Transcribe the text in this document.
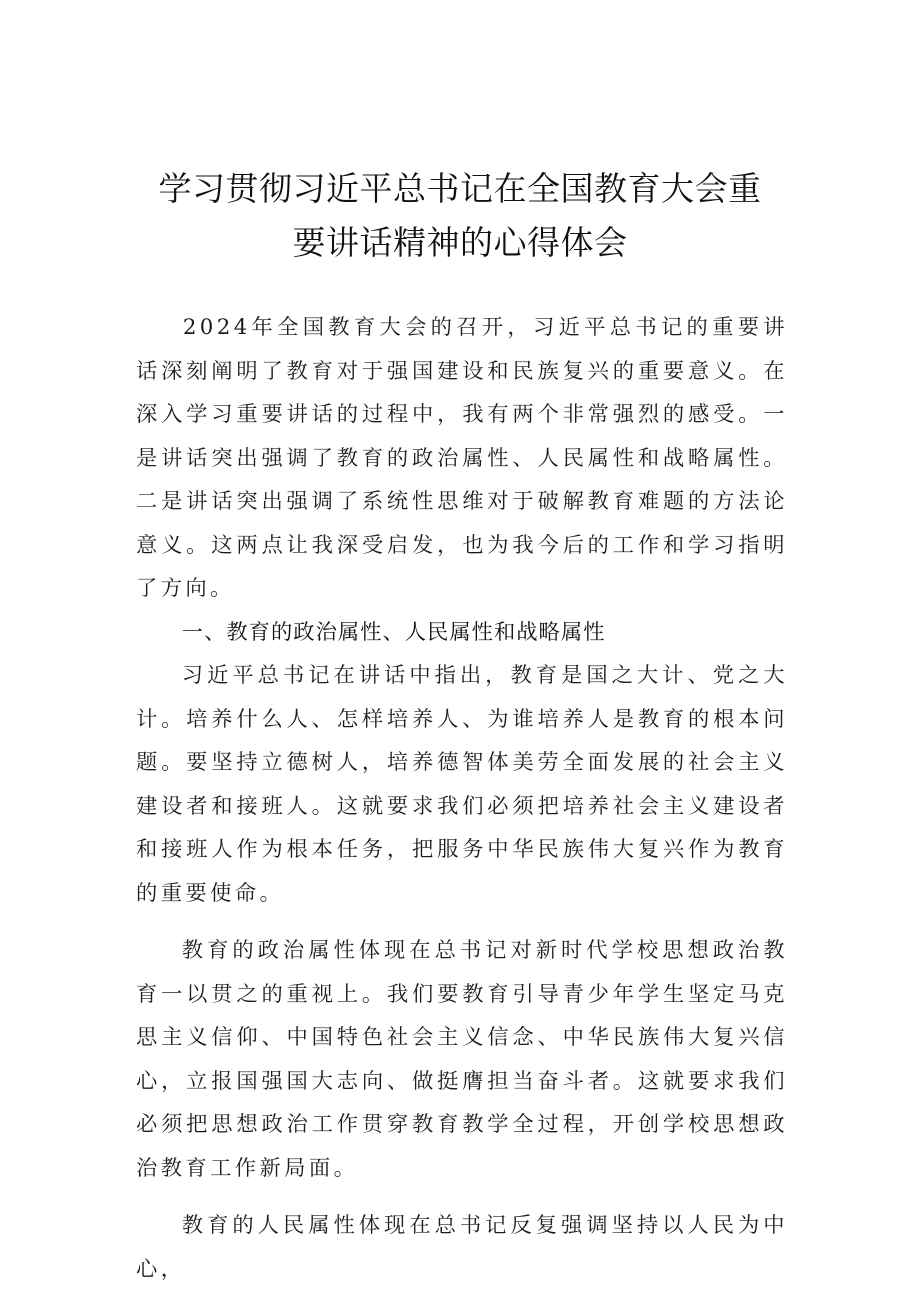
学习贯彻习近平总书记在全国教育大会重
要讲话精神的心得体会

2024年全国教育大会的召开，习近平总书记的重要讲话深刻阐明了教育对于强国建设和民族复兴的重要意义。在深入学习重要讲话的过程中，我有两个非常强烈的感受。一是讲话突出强调了教育的政治属性、人民属性和战略属性。二是讲话突出强调了系统性思维对于破解教育难题的方法论意义。这两点让我深受启发，也为我今后的工作和学习指明了方向。

一、教育的政治属性、人民属性和战略属性

习近平总书记在讲话中指出，教育是国之大计、党之大计。培养什么人、怎样培养人、为谁培养人是教育的根本问题。要坚持立德树人，培养德智体美劳全面发展的社会主义建设者和接班人。这就要求我们必须把培养社会主义建设者和接班人作为根本任务，把服务中华民族伟大复兴作为教育的重要使命。

教育的政治属性体现在总书记对新时代学校思想政治教育一以贯之的重视上。我们要教育引导青少年学生坚定马克思主义信仰、中国特色社会主义信念、中华民族伟大复兴信心，立报国强国大志向、做挺膺担当奋斗者。这就要求我们必须把思想政治工作贯穿教育教学全过程，开创学校思想政治教育工作新局面。

教育的人民属性体现在总书记反复强调坚持以人民为中心，
